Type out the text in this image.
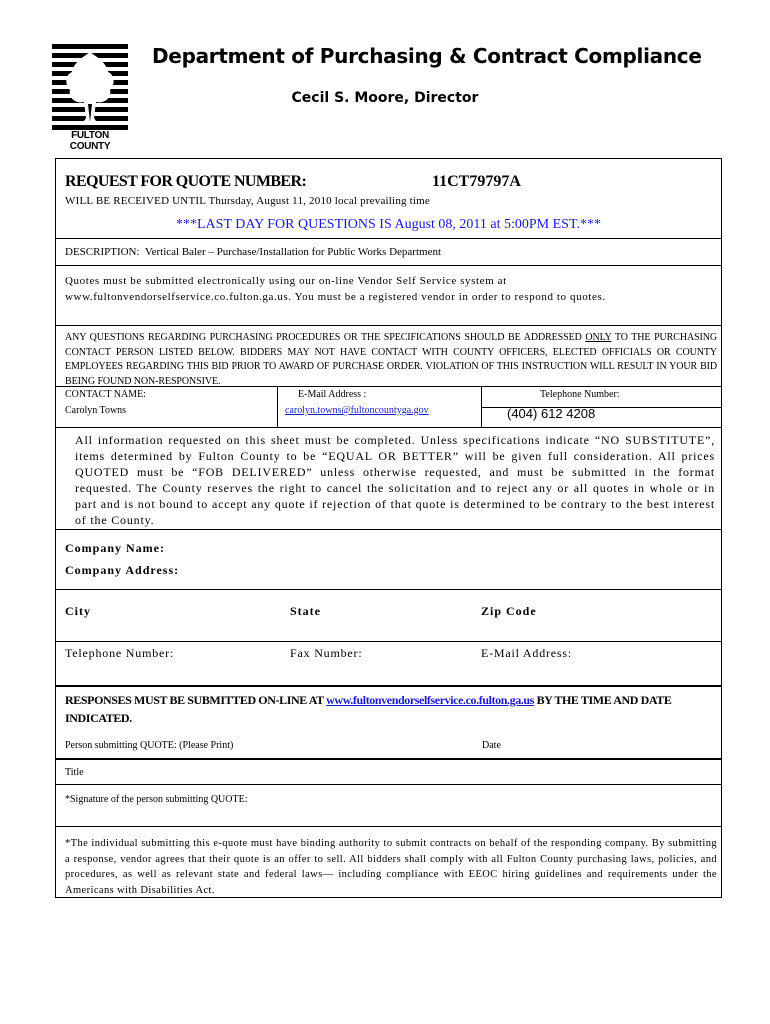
FULTON COUNTY
Department of Purchasing & Contract Compliance
Cecil S. Moore, Director
REQUEST FOR QUOTE NUMBER:	11CT79797A
WILL BE RECEIVED UNTIL Thursday, August 11, 2010 local prevailing time
***LAST DAY FOR QUESTIONS IS August 08, 2011 at 5:00PM EST.***
DESCRIPTION: Vertical Baler – Purchase/Installation for Public Works Department
Quotes must be submitted electronically using our on-line Vendor Self Service system at www.fultonvendorselfservice.co.fulton.ga.us. You must be a registered vendor in order to respond to quotes.
ANY QUESTIONS REGARDING PURCHASING PROCEDURES OR THE SPECIFICATIONS SHOULD BE ADDRESSED ONLY TO THE PURCHASING CONTACT PERSON LISTED BELOW. BIDDERS MAY NOT HAVE CONTACT WITH COUNTY OFFICERS, ELECTED OFFICIALS OR COUNTY EMPLOYEES REGARDING THIS BID PRIOR TO AWARD OF PURCHASE ORDER. VIOLATION OF THIS INSTRUCTION WILL RESULT IN YOUR BID BEING FOUND NON-RESPONSIVE.
CONTACT NAME:
Carolyn Towns
E-Mail Address :
carolyn.towns@fultoncountyga.gov
Telephone Number:
(404) 612 4208
All information requested on this sheet must be completed. Unless specifications indicate “NO SUBSTITUTE”, items determined by Fulton County to be “EQUAL OR BETTER” will be given full consideration. All prices QUOTED must be “FOB DELIVERED” unless otherwise requested, and must be submitted in the format requested. The County reserves the right to cancel the solicitation and to reject any or all quotes in whole or in part and is not bound to accept any quote if rejection of that quote is determined to be contrary to the best interest of the County.
Company Name:
Company Address:
City	State	Zip Code
Telephone Number:	Fax Number:	E-Mail Address:
RESPONSES MUST BE SUBMITTED ON-LINE AT www.fultonvendorselfservice.co.fulton.ga.us BY THE TIME AND DATE INDICATED.
Person submitting QUOTE: (Please Print)	Date
Title
*Signature of the person submitting QUOTE:
*The individual submitting this e-quote must have binding authority to submit contracts on behalf of the responding company. By submitting a response, vendor agrees that their quote is an offer to sell. All bidders shall comply with all Fulton County purchasing laws, policies, and procedures, as well as relevant state and federal laws— including compliance with EEOC hiring guidelines and requirements under the Americans with Disabilities Act.
